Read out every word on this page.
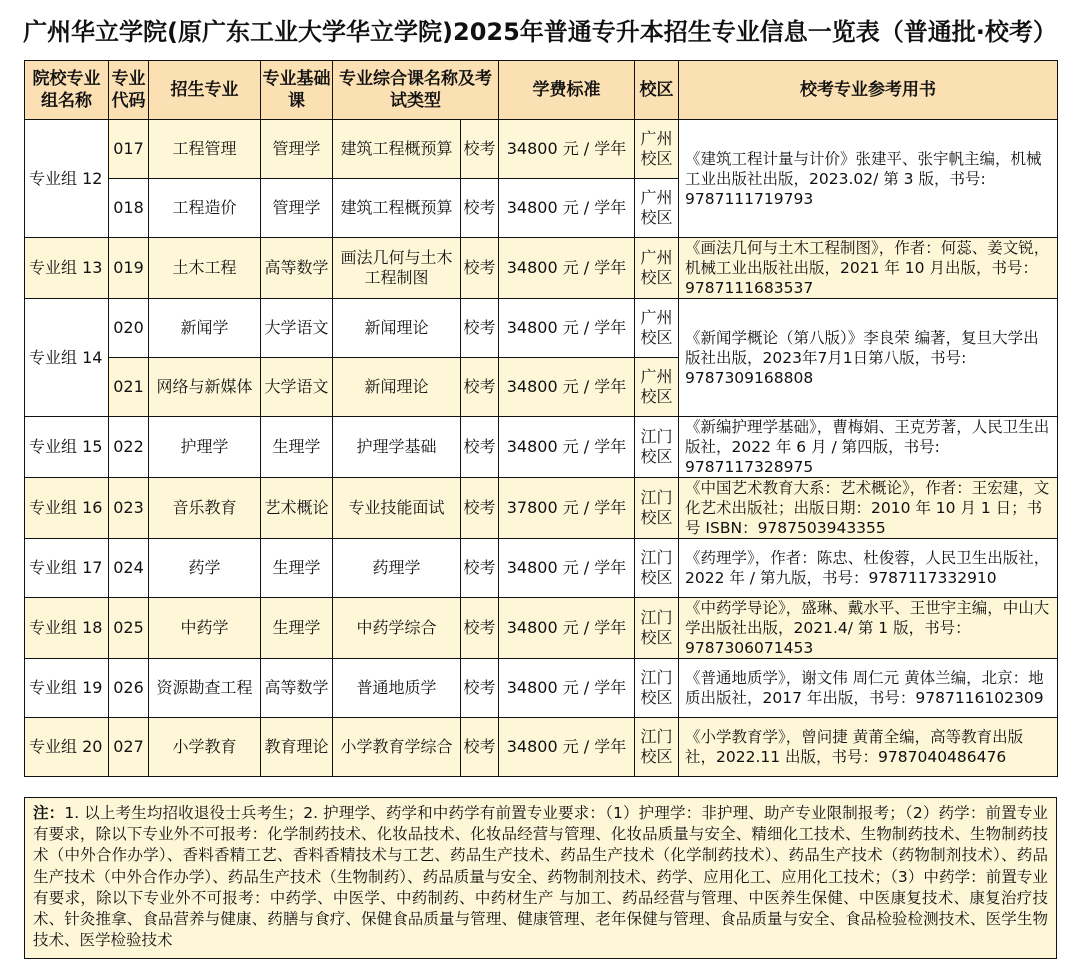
广州华立学院(原广东工业大学华立学院)2025年普通专升本招生专业信息一览表（普通批·校考）
院校专业组名称	专业代码	招生专业	专业基础课	专业综合课名称及考试类型		学费标准	校区	校考专业参考用书
专业组 12	017	工程管理	管理学	建筑工程概预算	校考	34800 元 / 学年	广州校区	《建筑工程计量与计价》张建平、张宇帆主编，机械工业出版社出版，2023.02/ 第 3 版，书号: 9787111719793
	018	工程造价	管理学	建筑工程概预算	校考	34800 元 / 学年	广州校区	
专业组 13	019	土木工程	高等数学	画法几何与土木工程制图	校考	34800 元 / 学年	广州校区	《画法几何与土木工程制图》，作者：何蕊、姜文锐，机械工业出版社出版，2021 年 10 月出版，书号：9787111683537
专业组 14	020	新闻学	大学语文	新闻理论	校考	34800 元 / 学年	广州校区	《新闻学概论（第八版）》李良荣 编著，复旦大学出版社出版，2023年7月1日第八版，书号: 9787309168808
	021	网络与新媒体	大学语文	新闻理论	校考	34800 元 / 学年	广州校区	
专业组 15	022	护理学	生理学	护理学基础	校考	34800 元 / 学年	江门校区	《新编护理学基础》，曹梅娟、王克芳著，人民卫生出版社，2022 年 6 月 / 第四版，书号: 9787117328975
专业组 16	023	音乐教育	艺术概论	专业技能面试	校考	37800 元 / 学年	江门校区	《中国艺术教育大系：艺术概论》，作者：王宏建，文化艺术出版社；出版日期：2010 年 10 月 1 日；书号 ISBN：9787503943355
专业组 17	024	药学	生理学	药理学	校考	34800 元 / 学年	江门校区	《药理学》，作者：陈忠、杜俊蓉，人民卫生出版社，2022 年 / 第九版，书号：9787117332910
专业组 18	025	中药学	生理学	中药学综合	校考	34800 元 / 学年	江门校区	《中药学导论》，盛琳、戴水平、王世宇主编，中山大学出版社出版，2021.4/ 第 1 版，书号：9787306071453
专业组 19	026	资源勘查工程	高等数学	普通地质学	校考	34800 元 / 学年	江门校区	《普通地质学》，谢文伟 周仁元 黄体兰编，北京：地质出版社，2017 年出版，书号：9787116102309
专业组 20	027	小学教育	教育理论	小学教育学综合	校考	34800 元 / 学年	江门校区	《小学教育学》，曾问捷 黄莆全编，高等教育出版社，2022.11 出版，书号：9787040486476
注：1. 以上考生均招收退役士兵考生；2. 护理学、药学和中药学有前置专业要求：（1）护理学：非护理、助产专业限制报考；（2）药学：前置专业有要求，除以下专业外不可报考：化学制药技术、化妆品技术、化妆品经营与管理、化妆品质量与安全、精细化工技术、生物制药技术、生物制药技术（中外合作办学）、香料香精工艺、香料香精技术与工艺、药品生产技术、药品生产技术（化学制药技术）、药品生产技术（药物制剂技术）、药品生产技术（中外合作办学）、药品生产技术（生物制药）、药品质量与安全、药物制剂技术、药学、应用化工、应用化工技术；（3）中药学：前置专业有要求，除以下专业外不可报考：中药学、中医学、中药制药、中药材生产 与加工、药品经营与管理、中医养生保健、中医康复技术、康复治疗技术、针灸推拿、食品营养与健康、药膳与食疗、保健食品质量与管理、健康管理、老年保健与管理、食品质量与安全、食品检验检测技术、医学生物技术、医学检验技术
